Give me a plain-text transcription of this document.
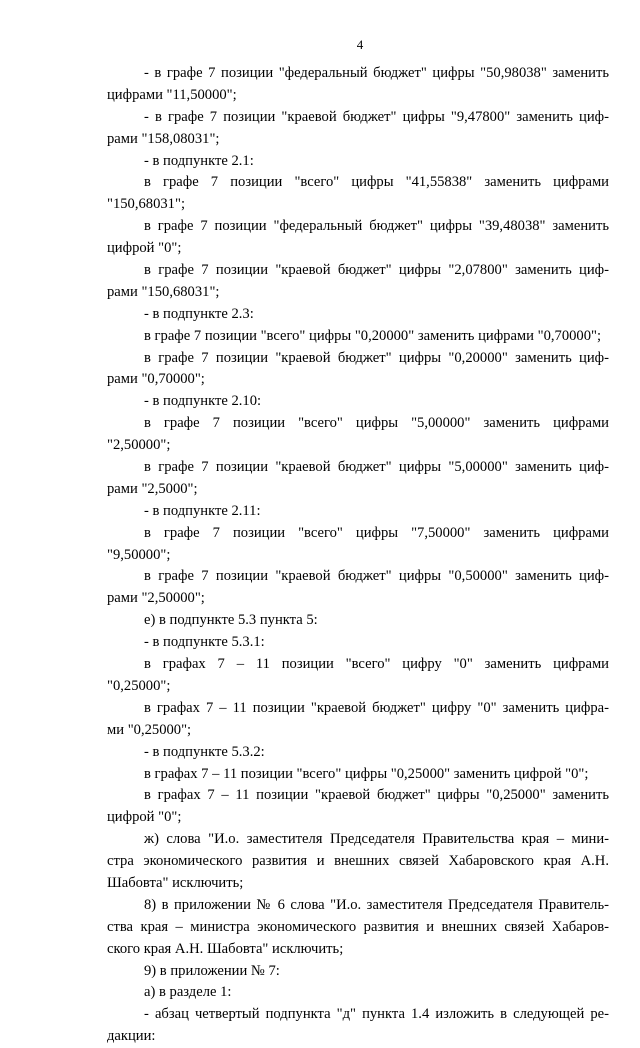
4
- в графе 7 позиции "федеральный бюджет" цифры "50,98038" заменить
цифрами "11,50000";
- в графе 7 позиции "краевой бюджет" цифры "9,47800" заменить циф-
рами "158,08031";
- в подпункте 2.1:
в графе 7 позиции "всего" цифры "41,55838" заменить цифрами
"150,68031";
в графе 7 позиции "федеральный бюджет" цифры "39,48038" заменить
цифрой "0";
в графе 7 позиции "краевой бюджет" цифры "2,07800" заменить циф-
рами "150,68031";
- в подпункте 2.3:
в графе 7 позиции "всего" цифры "0,20000" заменить цифрами "0,70000";
в графе 7 позиции "краевой бюджет" цифры "0,20000" заменить циф-
рами "0,70000";
- в подпункте 2.10:
в графе 7 позиции "всего" цифры "5,00000" заменить цифрами
"2,50000";
в графе 7 позиции "краевой бюджет" цифры "5,00000" заменить циф-
рами "2,5000";
- в подпункте 2.11:
в графе 7 позиции "всего" цифры "7,50000" заменить цифрами
"9,50000";
в графе 7 позиции "краевой бюджет" цифры "0,50000" заменить циф-
рами "2,50000";
е) в подпункте 5.3 пункта 5:
- в подпункте 5.3.1:
в графах 7 – 11 позиции "всего" цифру "0" заменить цифрами
"0,25000";
в графах 7 – 11 позиции "краевой бюджет" цифру "0" заменить цифра-
ми "0,25000";
- в подпункте 5.3.2:
в графах 7 – 11 позиции "всего" цифры "0,25000" заменить цифрой "0";
в графах 7 – 11 позиции "краевой бюджет" цифры "0,25000" заменить
цифрой "0";
ж) слова "И.о. заместителя Председателя Правительства края – мини-
стра экономического развития и внешних связей Хабаровского края А.Н.
Шабовта" исключить;
8) в приложении № 6 слова "И.о. заместителя Председателя Правитель-
ства края – министра экономического развития и внешних связей Хабаров-
ского края А.Н. Шабовта" исключить;
9) в приложении № 7:
а) в разделе 1:
- абзац четвертый подпункта "д" пункта 1.4 изложить в следующей ре-
дакции:
